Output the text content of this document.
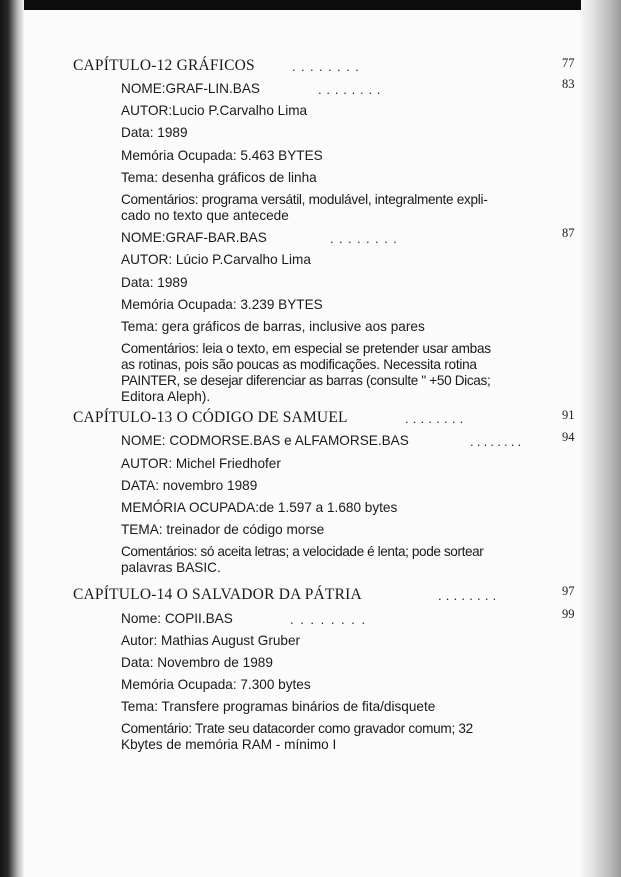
CAPÍTULO-12 GRÁFICOS	........	77
NOME:GRAF-LIN.BAS	........	83
AUTOR:Lucio P.Carvalho Lima
Data: 1989
Memória Ocupada: 5.463 BYTES
Tema: desenha gráficos de linha
Comentários: programa versátil, modulável, integralmente expli-
cado no texto que antecede
NOME:GRAF-BAR.BAS	........	87
AUTOR: Lúcio P.Carvalho Lima
Data: 1989
Memória Ocupada: 3.239 BYTES
Tema: gera gráficos de barras, inclusive aos pares
Comentários: leia o texto, em especial se pretender usar ambas
as rotinas, pois são poucas as modificações. Necessita rotina
PAINTER, se desejar diferenciar as barras (consulte " +50 Dicas;
Editora Aleph).
CAPÍTULO-13 O CÓDIGO DE SAMUEL	........	91
NOME: CODMORSE.BAS e ALFAMORSE.BAS	........	94
AUTOR: Michel Friedhofer
DATA: novembro 1989
MEMÓRIA OCUPADA:de 1.597 a 1.680 bytes
TEMA: treinador de código morse
Comentários: só aceita letras; a velocidade é lenta; pode sortear
palavras BASIC.
CAPÍTULO-14 O SALVADOR DA PÁTRIA	........	97
Nome: COPII.BAS	........	99
Autor: Mathias August Gruber
Data: Novembro de 1989
Memória Ocupada: 7.300 bytes
Tema: Transfere programas binários de fita/disquete
Comentário: Trate seu datacorder como gravador comum; 32
Kbytes de memória RAM - mínimo I
